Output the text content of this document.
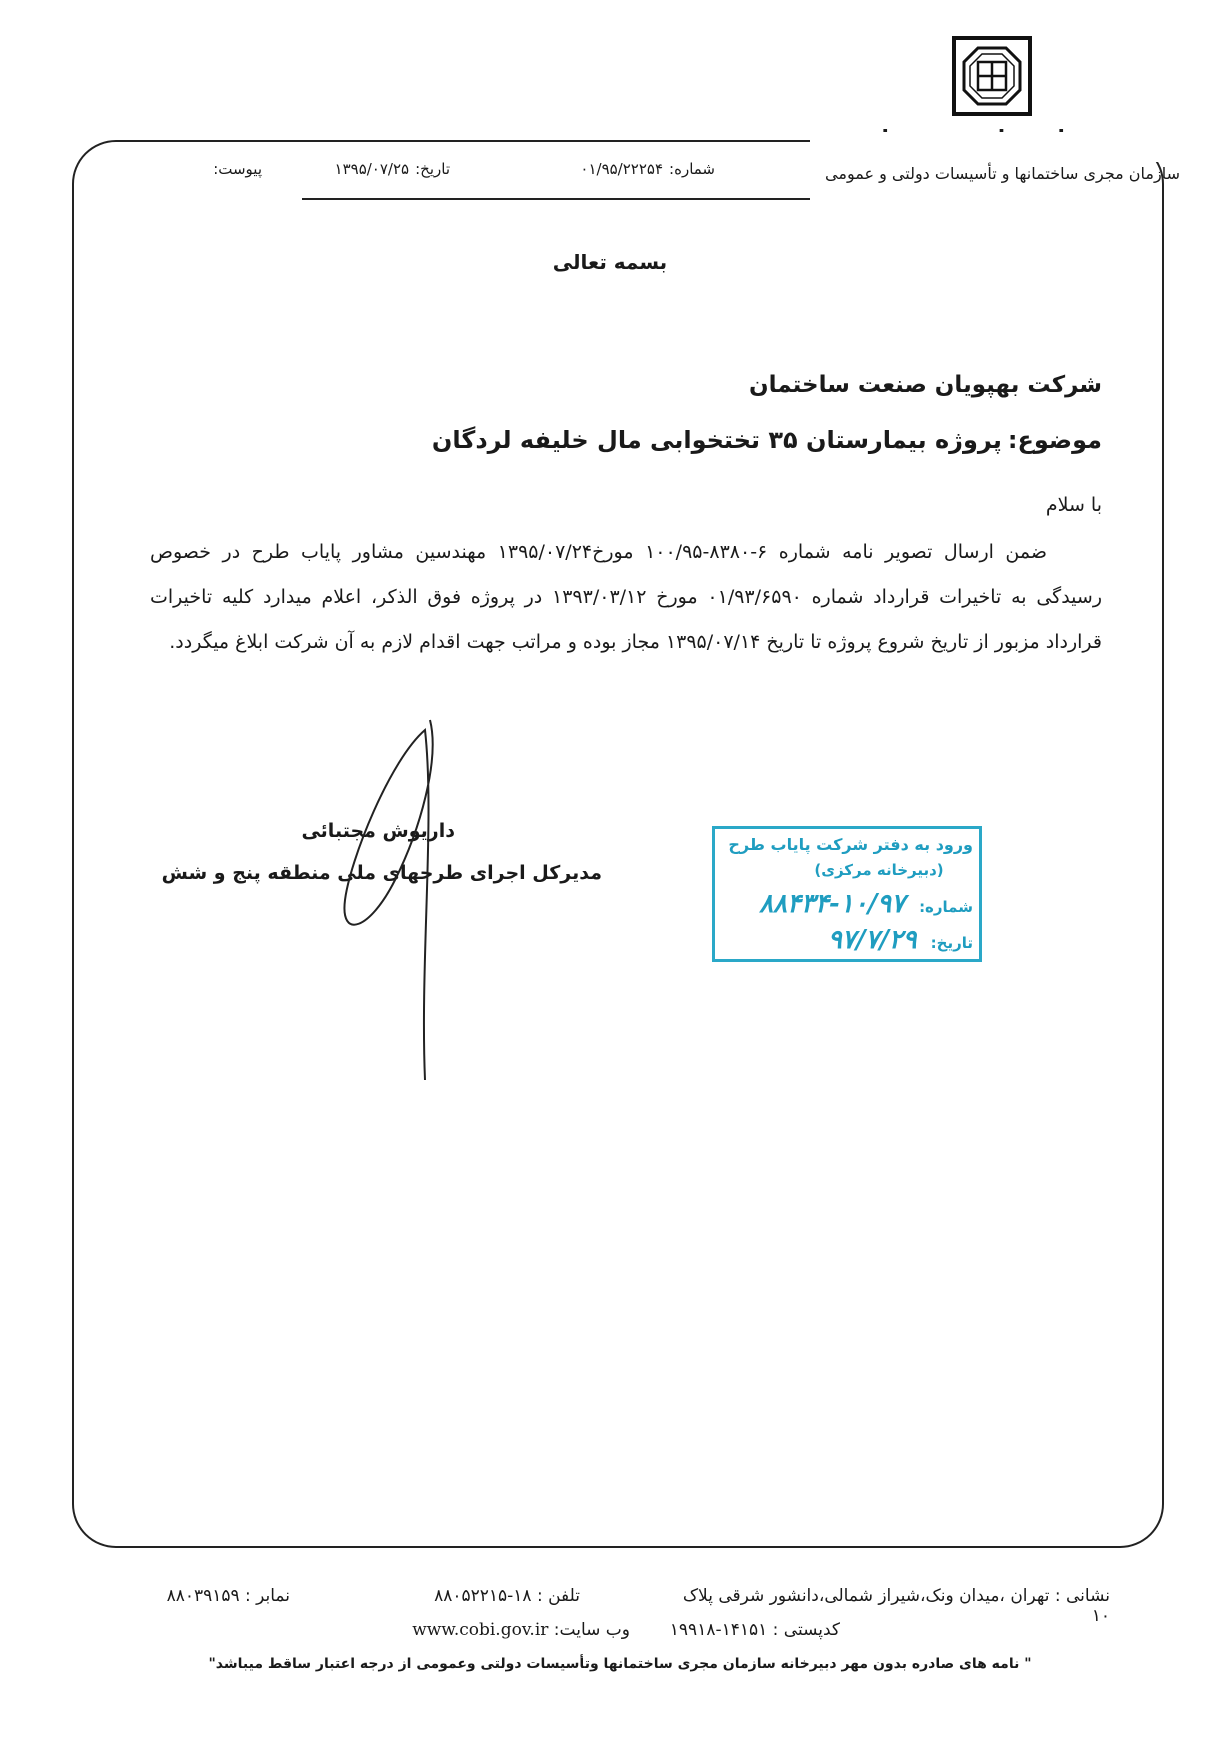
سازمان مجری ساختمانها و تأسیسات دولتی و عمومی
شماره:۰۱/۹۵/۲۲۲۵۴
تاریخ:۱۳۹۵/۰۷/۲۵
پیوست:
بسمه تعالی
شرکت بهپویان صنعت ساختمان
موضوع:پروژه بیمارستان ۳۵ تختخوابی مال خلیفه لردگان
با سلام
ضمن ارسال تصویر نامه شماره ۶-۸۳۸۰-۱۰۰/۹۵ مورخ۱۳۹۵/۰۷/۲۴ مهندسین مشاور پایاب طرح در خصوص رسیدگی به تاخیرات قرارداد شماره ۰۱/۹۳/۶۵۹۰ مورخ ۱۳۹۳/۰۳/۱۲ در پروژه فوق الذکر، اعلام میدارد کلیه تاخیرات قرارداد مزبور از تاریخ شروع پروژه تا تاریخ ۱۳۹۵/۰۷/۱۴ مجاز بوده و مراتب جهت اقدام لازم به آن شرکت ابلاغ میگردد.
داریوش مجتبائی
مدیرکل اجرای طرحهای ملی منطقه پنج و شش
ورود به دفتر شرکت پایاب طرح
(دبیرخانه مرکزی)
شماره:۱۰/۹۷-۸۸۴۳۴
تاریخ:۹۷/۷/۲۹
نشانی : تهران ،میدان ونک،شیراز شمالی،دانشور شرقی پلاک ۱۰
تلفن : ۱۸-۸۸۰۵۲۲۱۵
نمابر : ۸۸۰۳۹۱۵۹
کدپستی : ۱۴۱۵۱-۱۹۹۱۸
وب سایت: www.cobi.gov.ir
" نامه های صادره بدون مهر دبیرخانه سازمان مجری ساختمانها وتأسیسات دولتی وعمومی از درجه اعتبار ساقط میباشد"
